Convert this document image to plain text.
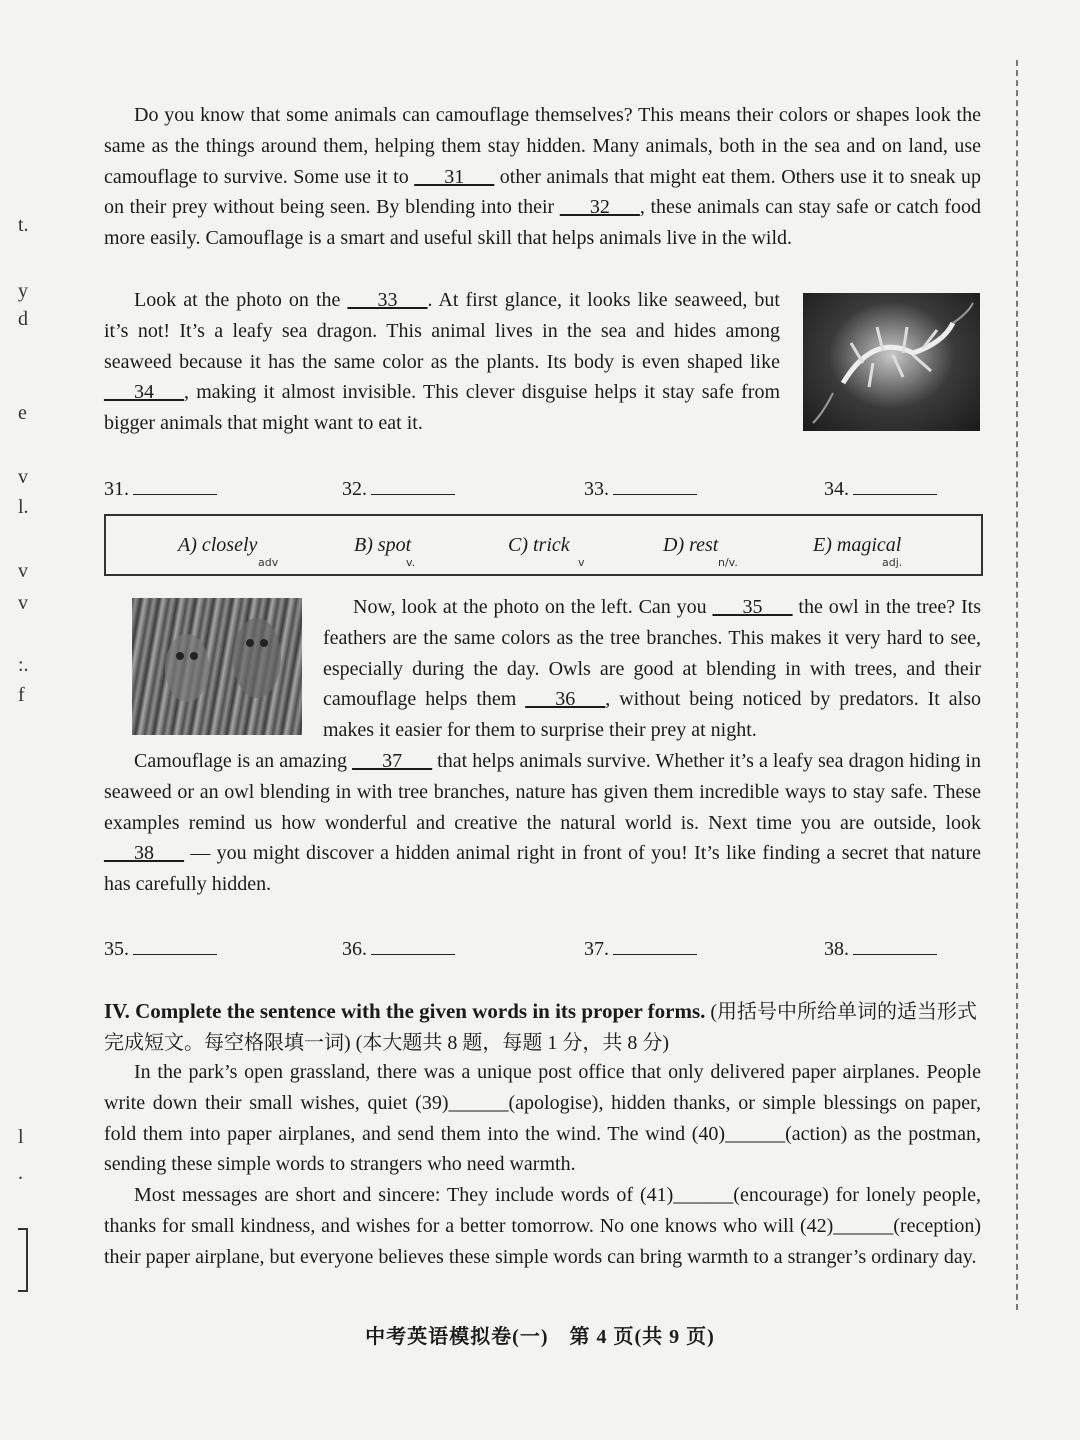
t.
y
d
e
v
l.
v
v
:.
f
l
.

Do you know that some animals can camouflage themselves? This means their colors or shapes look the same as the things around them, helping them stay hidden. Many animals, both in the sea and on land, use camouflage to survive. Some use it to ___31___ other animals that might eat them. Others use it to sneak up on their prey without being seen. By blending into their ___32___, these animals can stay safe or catch food more easily. Camouflage is a smart and useful skill that helps animals live in the wild.

Look at the photo on the ___33___. At first glance, it looks like seaweed, but it’s not! It’s a leafy sea dragon. This animal lives in the sea and hides among seaweed because it has the same color as the plants. Its body is even shaped like ___34___, making it almost invisible. This clever disguise helps it stay safe from bigger animals that might want to eat it.

31.	32.	33.	34.
A) closely	B) spot	C) trick	D) rest	E) magical
adv	v.	v	n/v.	adj.

Now, look at the photo on the left. Can you ___35___ the owl in the tree? Its feathers are the same colors as the tree branches. This makes it very hard to see, especially during the day. Owls are good at blending in with trees, and their camouflage helps them ___36___, without being noticed by predators. It also makes it easier for them to surprise their prey at night.

Camouflage is an amazing ___37___ that helps animals survive. Whether it’s a leafy sea dragon hiding in seaweed or an owl blending in with tree branches, nature has given them incredible ways to stay safe. These examples remind us how wonderful and creative the natural world is. Next time you are outside, look ___38___ — you might discover a hidden animal right in front of you! It’s like finding a secret that nature has carefully hidden.

35.	36.	37.	38.
IV. Complete the sentence with the given words in its proper forms. (用括号中所给单词的适当形式完成短文。每空格限填一词) (本大题共 8 题，每题 1 分，共 8 分)

In the park’s open grassland, there was a unique post office that only delivered paper airplanes. People write down their small wishes, quiet (39)______(apologise), hidden thanks, or simple blessings on paper, fold them into paper airplanes, and send them into the wind. The wind (40)______(action) as the postman, sending these simple words to strangers who need warmth.

Most messages are short and sincere: They include words of (41)______(encourage) for lonely people, thanks for small kindness, and wishes for a better tomorrow. No one knows who will (42)______(reception) their paper airplane, but everyone believes these simple words can bring warmth to a stranger’s ordinary day.

中考英语模拟卷(一)　第 4 页(共 9 页)
